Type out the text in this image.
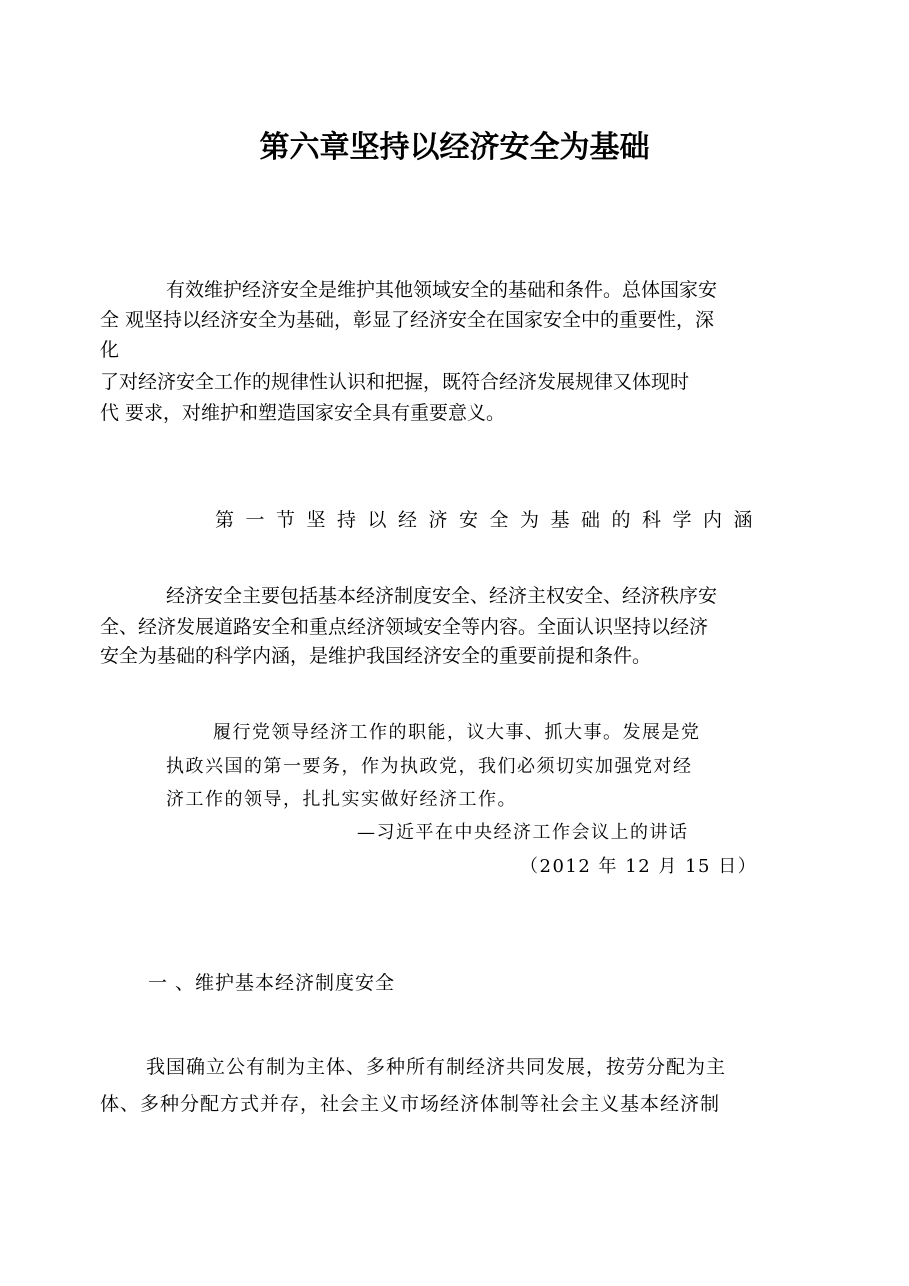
第六章坚持以经济安全为基础
有效维护经济安全是维护其他领域安全的基础和条件。总体国家安
全 观坚持以经济安全为基础，彰显了经济安全在国家安全中的重要性，深
化
了对经济安全工作的规律性认识和把握，既符合经济发展规律又体现时
代 要求，对维护和塑造国家安全具有重要意义。
第一节坚持以经济安全为基础的科学内涵
经济安全主要包括基本经济制度安全、经济主权安全、经济秩序安
全、经济发展道路安全和重点经济领域安全等内容。全面认识坚持以经济
安全为基础的科学内涵，是维护我国经济安全的重要前提和条件。
履行党领导经济工作的职能，议大事、抓大事。发展是党
执政兴国的第一要务，作为执政党，我们必须切实加强党对经
济工作的领导，扎扎实实做好经济工作。
—习近平在中央经济工作会议上的讲话
（2012 年 12 月 15 日）
一 、维护基本经济制度安全
我国确立公有制为主体、多种所有制经济共同发展，按劳分配为主
体、多种分配方式并存，社会主义市场经济体制等社会主义基本经济制
